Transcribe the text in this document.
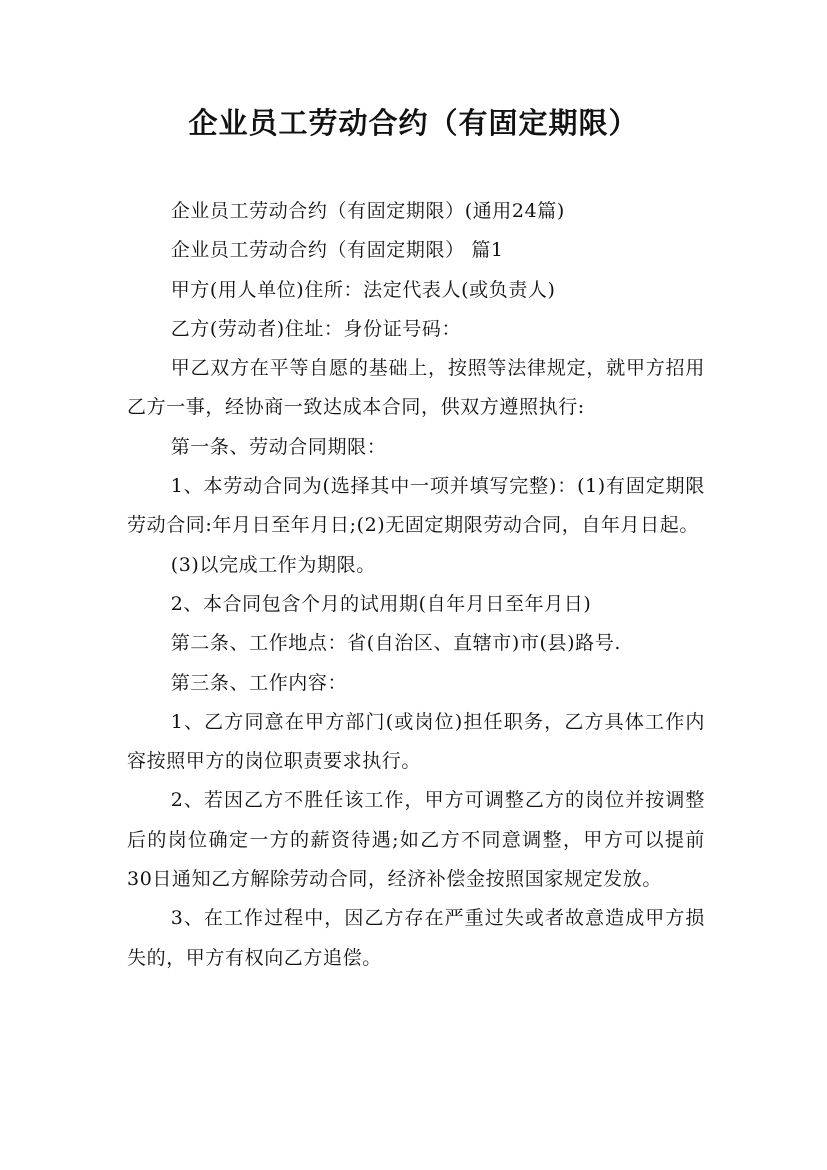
企业员工劳动合约（有固定期限）

企业员工劳动合约（有固定期限）(通用24篇)

企业员工劳动合约（有固定期限） 篇1

甲方(用人单位)住所：法定代表人(或负责人)

乙方(劳动者)住址：身份证号码：

甲乙双方在平等自愿的基础上，按照等法律规定，就甲方招用乙方一事，经协商一致达成本合同，供双方遵照执行:

第一条、劳动合同期限：

1、本劳动合同为(选择其中一项并填写完整)：(1)有固定期限劳动合同:年月日至年月日;(2)无固定期限劳动合同，自年月日起。

(3)以完成工作为期限。

2、本合同包含个月的试用期(自年月日至年月日)

第二条、工作地点：省(自治区、直辖市)市(县)路号.

第三条、工作内容：

1、乙方同意在甲方部门(或岗位)担任职务，乙方具体工作内容按照甲方的岗位职责要求执行。

2、若因乙方不胜任该工作，甲方可调整乙方的岗位并按调整后的岗位确定一方的薪资待遇;如乙方不同意调整，甲方可以提前30日通知乙方解除劳动合同，经济补偿金按照国家规定发放。

3、在工作过程中，因乙方存在严重过失或者故意造成甲方损失的，甲方有权向乙方追偿。
